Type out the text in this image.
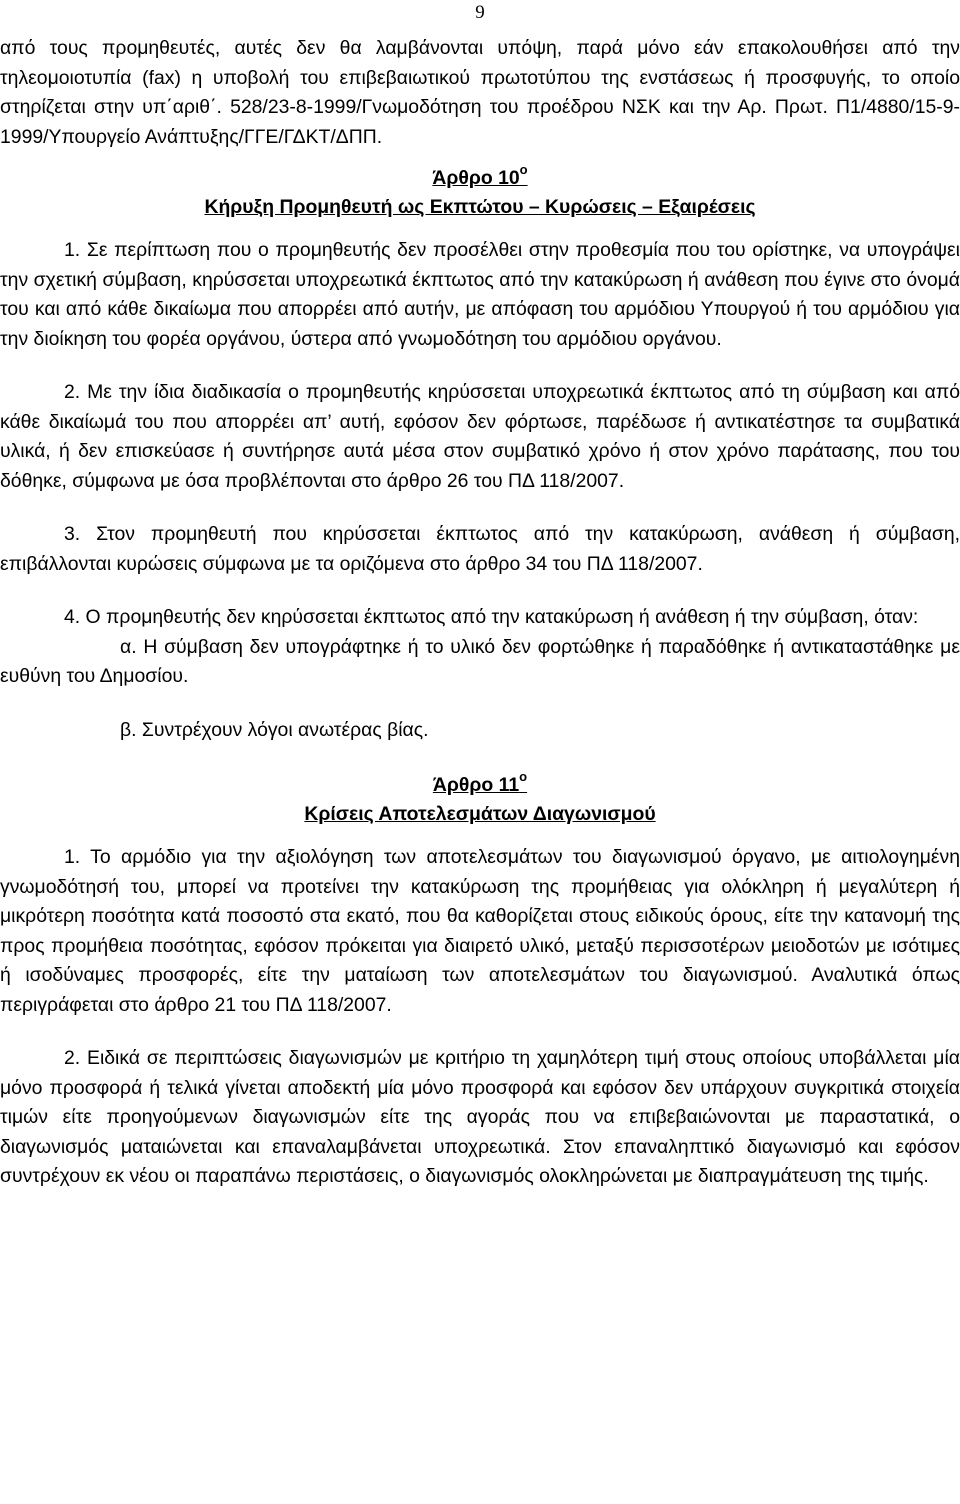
9

από τους προμηθευτές, αυτές δεν θα λαμβάνονται υπόψη, παρά μόνο εάν επακολουθήσει από την τηλεομοιοτυπία (fax) η υποβολή του επιβεβαιωτικού πρωτοτύπου της ενστάσεως ή προσφυγής, το οποίο στηρίζεται στην υπ΄αριθ΄. 528/23-8-1999/Γνωμοδότηση του προέδρου ΝΣΚ και την Αρ. Πρωτ. Π1/4880/15-9-1999/Υπουργείο Ανάπτυξης/ΓΓΕ/ΓΔΚΤ/ΔΠΠ.

Άρθρο $10^o$
Κήρυξη Προμηθευτή ως Εκπτώτου – Κυρώσεις – Εξαιρέσεις

1. Σε περίπτωση που ο προμηθευτής δεν προσέλθει στην προθεσμία που του ορίστηκε, να υπογράψει την σχετική σύμβαση, κηρύσσεται υποχρεωτικά έκπτωτος από την κατακύρωση ή ανάθεση που έγινε στο όνομά του και από κάθε δικαίωμα που απορρέει από αυτήν, με απόφαση του αρμόδιου Υπουργού ή του αρμόδιου για την διοίκηση του φορέα οργάνου, ύστερα από γνωμοδότηση του αρμόδιου οργάνου.

2. Με την ίδια διαδικασία ο προμηθευτής κηρύσσεται υποχρεωτικά έκπτωτος από τη σύμβαση και από κάθε δικαίωμά του που απορρέει απ’ αυτή, εφόσον δεν φόρτωσε, παρέδωσε ή αντικατέστησε τα συμβατικά υλικά, ή δεν επισκεύασε ή συντήρησε αυτά μέσα στον συμβατικό χρόνο ή στον χρόνο παράτασης, που του δόθηκε, σύμφωνα με όσα προβλέπονται στο άρθρο 26 του ΠΔ 118/2007.

3. Στον προμηθευτή που κηρύσσεται έκπτωτος από την κατακύρωση, ανάθεση ή σύμβαση, επιβάλλονται κυρώσεις σύμφωνα με τα οριζόμενα στο άρθρο 34 του ΠΔ 118/2007.

4. Ο προμηθευτής δεν κηρύσσεται έκπτωτος από την κατακύρωση ή ανάθεση ή την σύμβαση, όταν:

α. Η σύμβαση δεν υπογράφτηκε ή το υλικό δεν φορτώθηκε ή παραδόθηκε ή αντικαταστάθηκε με ευθύνη του Δημοσίου.

β. Συντρέχουν λόγοι ανωτέρας βίας.

Άρθρο $11^o$
Κρίσεις Αποτελεσμάτων Διαγωνισμού

1. Το αρμόδιο για την αξιολόγηση των αποτελεσμάτων του διαγωνισμού όργανο, με αιτιολογημένη γνωμοδότησή του, μπορεί να προτείνει την κατακύρωση της προμήθειας για ολόκληρη ή μεγαλύτερη ή μικρότερη ποσότητα κατά ποσοστό στα εκατό, που θα καθορίζεται στους ειδικούς όρους, είτε την κατανομή της προς προμήθεια ποσότητας, εφόσον πρόκειται για διαιρετό υλικό, μεταξύ περισσοτέρων μειοδοτών με ισότιμες ή ισοδύναμες προσφορές, είτε την ματαίωση των αποτελεσμάτων του διαγωνισμού. Αναλυτικά όπως περιγράφεται στο άρθρο 21 του ΠΔ 118/2007.

2. Ειδικά σε περιπτώσεις διαγωνισμών με κριτήριο τη χαμηλότερη τιμή στους οποίους υποβάλλεται μία μόνο προσφορά ή τελικά γίνεται αποδεκτή μία μόνο προσφορά και εφόσον δεν υπάρχουν συγκριτικά στοιχεία τιμών είτε προηγούμενων διαγωνισμών είτε της αγοράς που να επιβεβαιώνονται με παραστατικά, ο διαγωνισμός ματαιώνεται και επαναλαμβάνεται υποχρεωτικά. Στον επαναληπτικό διαγωνισμό και εφόσον συντρέχουν εκ νέου οι παραπάνω περιστάσεις, ο διαγωνισμός ολοκληρώνεται με διαπραγμάτευση της τιμής.
